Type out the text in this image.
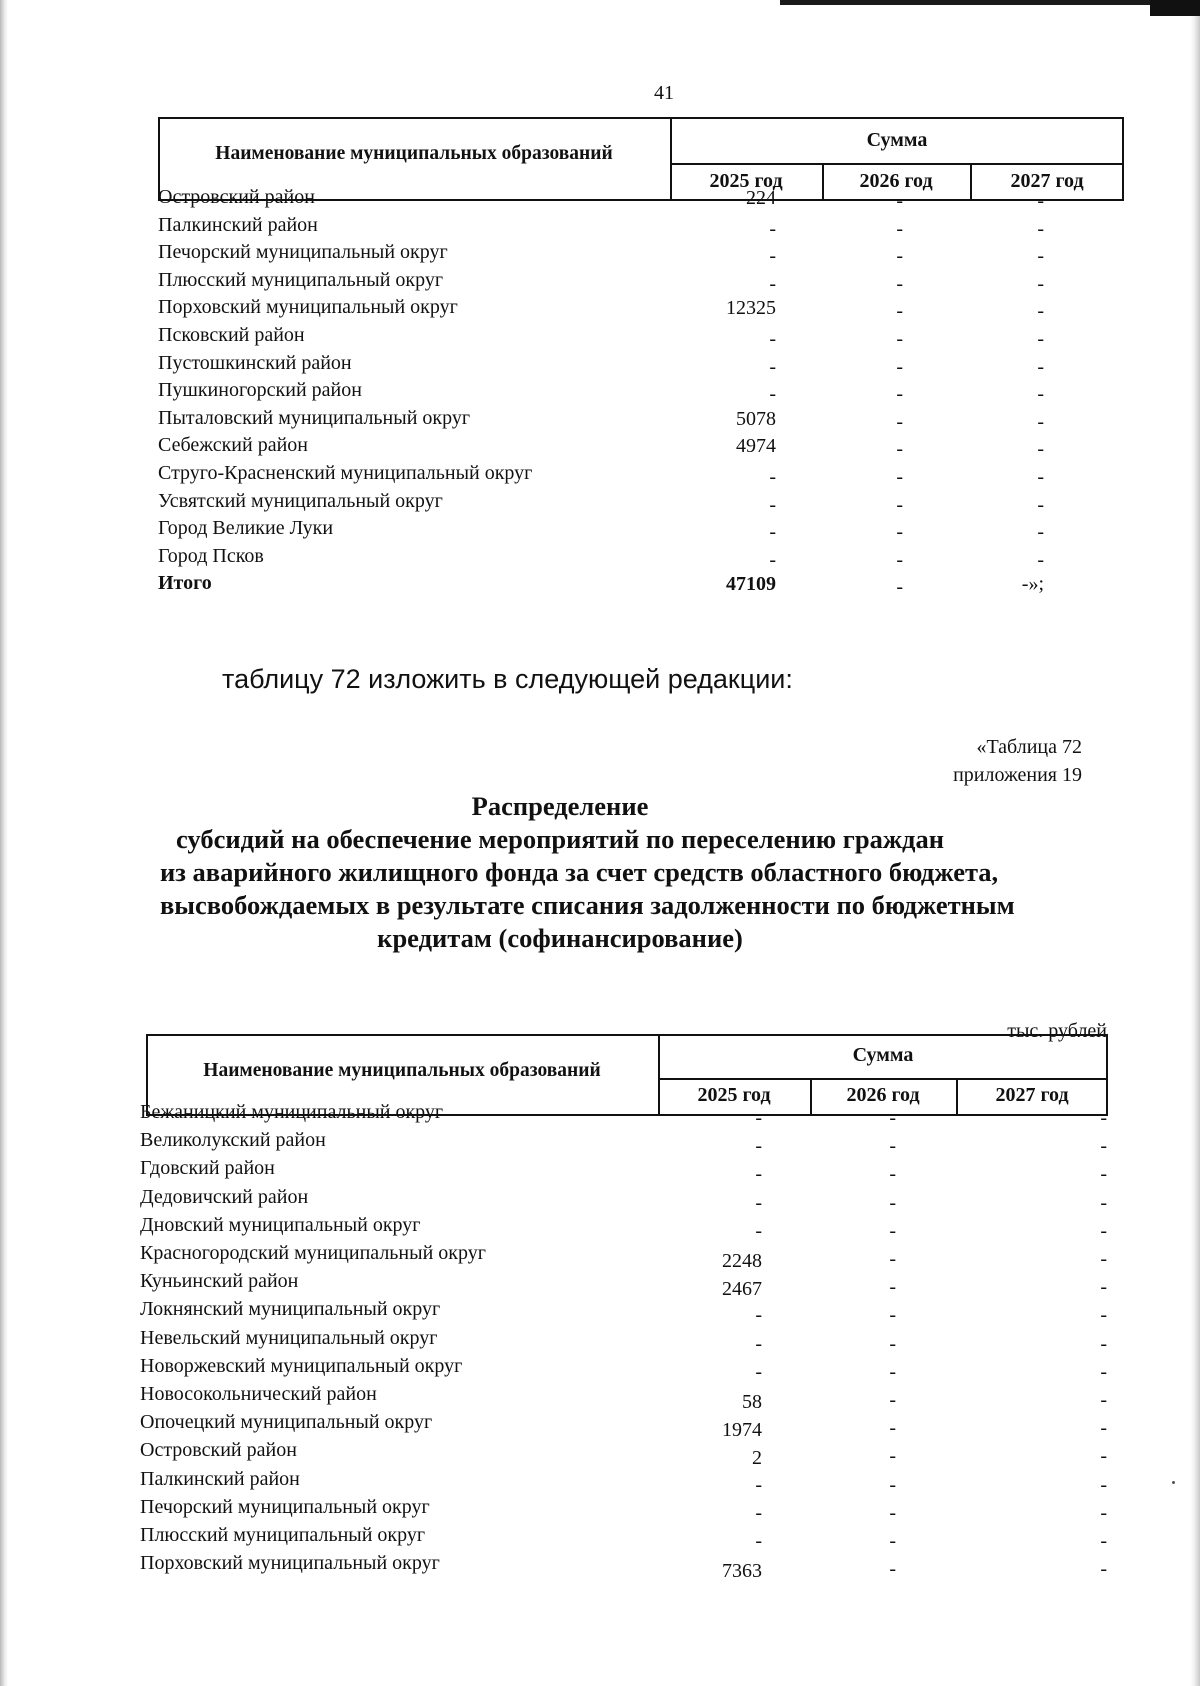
41
Наименование муниципальных образований
Сумма
2025 год	2026 год	2027 год
Островский район	224	-	-
Палкинский район	-	-	-
Печорский муниципальный округ	-	-	-
Плюсский муниципальный округ	-	-	-
Порховский муниципальный округ	12325	-	-
Псковский район	-	-	-
Пустошкинский район	-	-	-
Пушкиногорский район	-	-	-
Пыталовский муниципальный округ	5078	-	-
Себежский район	4974	-	-
Струго-Красненский муниципальный округ	-	-	-
Усвятский муниципальный округ	-	-	-
Город Великие Луки	-	-	-
Город Псков	-	-	-
Итого	47109	-	-»;
таблицу 72 изложить в следующей редакции:
«Таблица 72
приложения 19
Распределение
субсидий на обеспечение мероприятий по переселению граждан
из аварийного жилищного фонда за счет средств областного бюджета,
высвобождаемых в результате списания задолженности по бюджетным
кредитам (софинансирование)
тыс. рублей
Наименование муниципальных образований
Сумма
2025 год	2026 год	2027 год
Бежаницкий муниципальный округ	-	-	-
Великолукский район	-	-	-
Гдовский район	-	-	-
Дедовичский район	-	-	-
Дновский муниципальный округ	-	-	-
Красногородский муниципальный округ	2248	-	-
Куньинский район	2467	-	-
Локнянский муниципальный округ	-	-	-
Невельский муниципальный округ	-	-	-
Новоржевский муниципальный округ	-	-	-
Новосокольнический район	58	-	-
Опочецкий муниципальный округ	1974	-	-
Островский район	2	-	-
Палкинский район	-	-	-
Печорский муниципальный округ	-	-	-
Плюсский муниципальный округ	-	-	-
Порховский муниципальный округ	7363	-	-
